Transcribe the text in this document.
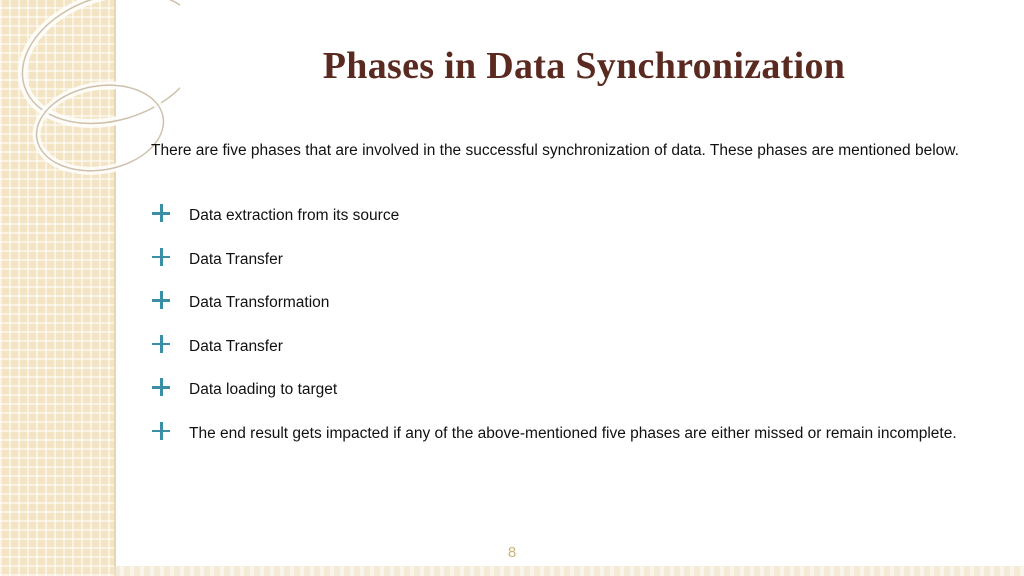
Phases in Data Synchronization
There are five phases that are involved in the successful synchronization of data. These phases are mentioned below.
Data extraction from its source
Data Transfer
Data Transformation
Data Transfer
Data loading to target
The end result gets impacted if any of the above-mentioned five phases are either missed or remain incomplete.
8
